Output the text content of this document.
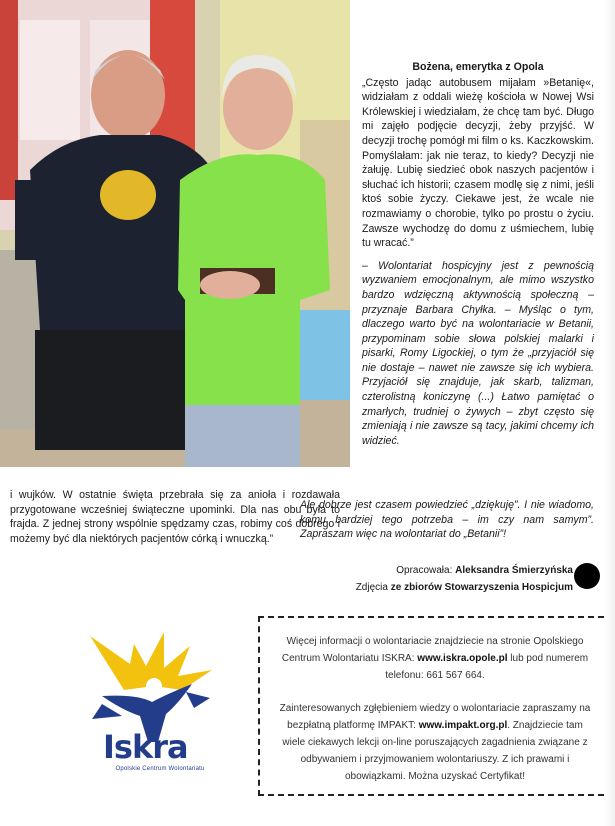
Bożena, emerytka z Opola
„Często jadąc autobusem mijałam »Betanię«, widziałam z oddali wieżę kościoła w Nowej Wsi Królewskiej i wiedziałam, że chcę tam być. Długo mi zajęło podjęcie decyzji, żeby przyjść. W decyzji trochę pomógł mi film o ks. Kaczkowskim. Pomyślałam: jak nie teraz, to kiedy? Decyzji nie żałuję. Lubię siedzieć obok naszych pacjentów i słuchać ich historii; czasem modlę się z nimi, jeśli ktoś sobie życzy. Ciekawe jest, że wcale nie rozmawiamy o chorobie, tylko po prostu o życiu. Zawsze wychodzę do domu z uśmiechem, lubię tu wracać.”
– Wolontariat hospicyjny jest z pewnością wyzwaniem emocjonalnym, ale mimo wszystko bardzo wdzięczną aktywnością społeczną – przyznaje Barbara Chyłka. – Myśląc o tym, dlaczego warto być na wolontariacie w Betanii, przypominam sobie słowa polskiej malarki i pisarki, Romy Ligockiej, o tym że „przyjaciół się nie dostaje – nawet nie zawsze się ich wybiera. Przyjaciół się znajduje, jak skarb, talizman, czterolistną koniczynę (...) Łatwo pamiętać o zmarłych, trudniej o żywych – zbyt często się zmieniają i nie zawsze są tacy, jakimi chcemy ich widzieć.
i wujków. W ostatnie święta przebrała się za anioła i rozdawała przygotowane wcześniej świąteczne upominki. Dla nas obu była to frajda. Z jednej strony wspólnie spędzamy czas, robimy coś dobrego i możemy być dla niektórych pacjentów córką i wnuczką.”
Ale dobrze jest czasem powiedzieć „dziękuję”. I nie wiadomo, komu bardziej tego potrzeba – im czy nam samym”. Zapraszam więc na wolontariat do „Betanii”!
Opracowała: Aleksandra Śmierzyńska
Zdjęcia ze zbiorów Stowarzyszenia Hospicjum
Iskra
Opolskie Centrum Wolontariatu

Więcej informacji o wolontariacie znajdziecie na stronie Opolskiego Centrum Wolontariatu ISKRA: www.iskra.opole.pl lub pod numerem telefonu: 661 567 664.

Zainteresowanych zgłębieniem wiedzy o wolontariacie zapraszamy na bezpłatną platformę IMPAKT: www.impakt.org.pl. Znajdziecie tam wiele ciekawych lekcji on-line poruszających zagadnienia związane z odbywaniem i przyjmowaniem wolontariuszy. Z ich prawami i obowiązkami. Można uzyskać Certyfikat!
